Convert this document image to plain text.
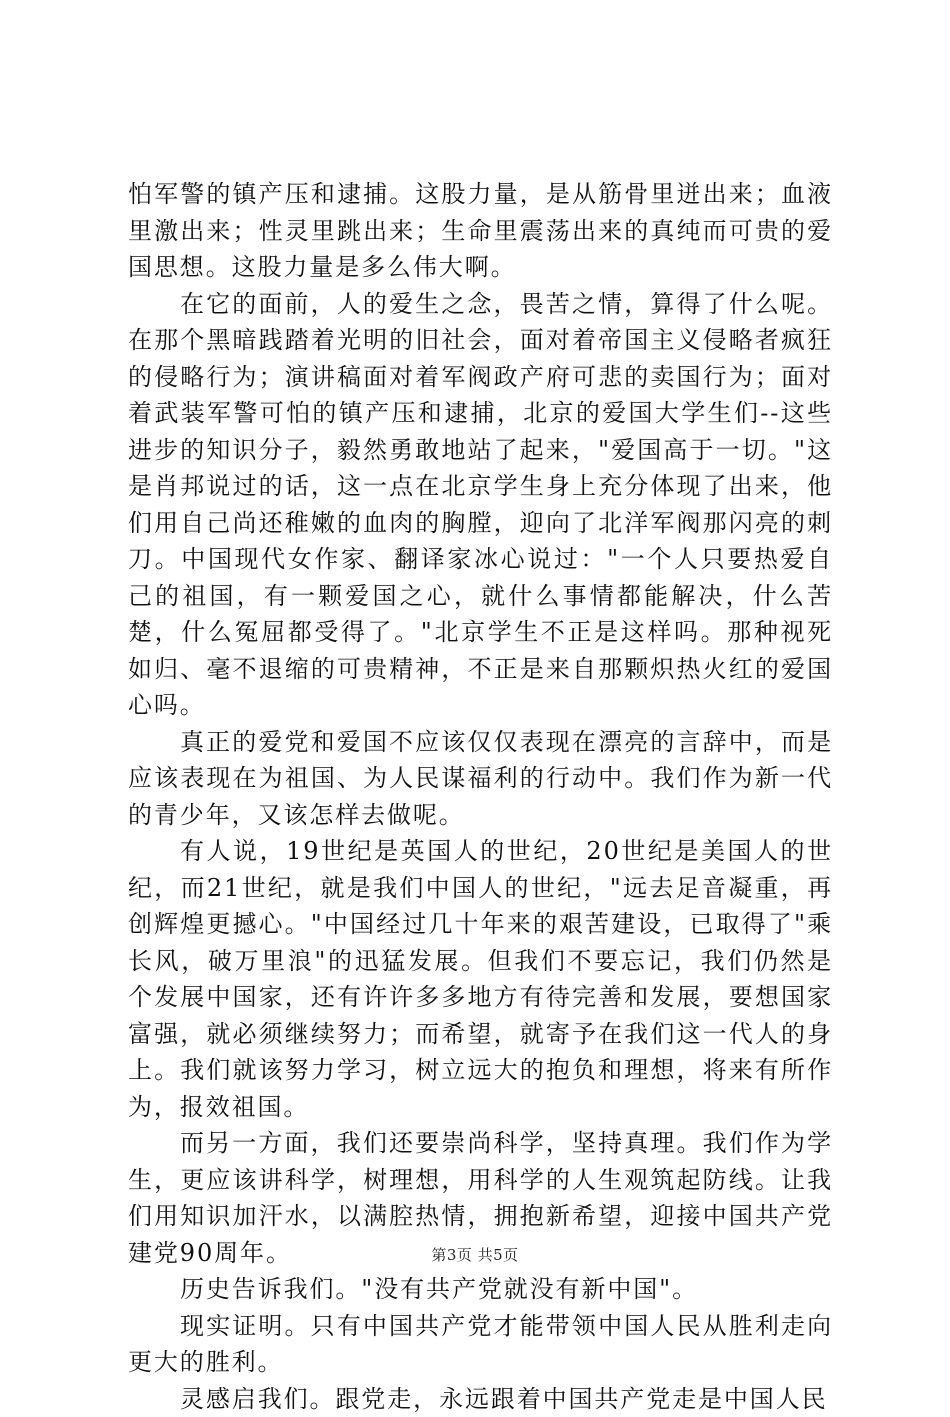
怕军警的镇产压和逮捕。这股力量，是从筋骨里迸出来；血液里激出来；性灵里跳出来；生命里震荡出来的真纯而可贵的爱国思想。这股力量是多么伟大啊。

在它的面前，人的爱生之念，畏苦之情，算得了什么呢。在那个黑暗践踏着光明的旧社会，面对着帝国主义侵略者疯狂的侵略行为；演讲稿面对着军阀政产府可悲的卖国行为；面对着武装军警可怕的镇产压和逮捕，北京的爱国大学生们--这些进步的知识分子，毅然勇敢地站了起来，"爱国高于一切。"这是肖邦说过的话，这一点在北京学生身上充分体现了出来，他们用自己尚还稚嫩的血肉的胸膛，迎向了北洋军阀那闪亮的刺刀。中国现代女作家、翻译家冰心说过："一个人只要热爱自己的祖国，有一颗爱国之心，就什么事情都能解决，什么苦楚，什么冤屈都受得了。"北京学生不正是这样吗。那种视死如归、毫不退缩的可贵精神，不正是来自那颗炽热火红的爱国心吗。

真正的爱党和爱国不应该仅仅表现在漂亮的言辞中，而是应该表现在为祖国、为人民谋福利的行动中。我们作为新一代的青少年，又该怎样去做呢。

有人说，19世纪是英国人的世纪，20世纪是美国人的世纪，而21世纪，就是我们中国人的世纪，"远去足音凝重，再创辉煌更撼心。"中国经过几十年来的艰苦建设，已取得了"乘长风，破万里浪"的迅猛发展。但我们不要忘记，我们仍然是个发展中国家，还有许许多多地方有待完善和发展，要想国家富强，就必须继续努力；而希望，就寄予在我们这一代人的身上。我们就该努力学习，树立远大的抱负和理想，将来有所作为，报效祖国。

而另一方面，我们还要崇尚科学，坚持真理。我们作为学生，更应该讲科学，树理想，用科学的人生观筑起防线。让我们用知识加汗水，以满腔热情，拥抱新希望，迎接中国共产党建党90周年。

历史告诉我们。"没有共产党就没有新中国"。

现实证明。只有中国共产党才能带领中国人民从胜利走向更大的胜利。

灵感启我们。跟党走，永远跟着中国共产党走是中国人民

第3页 共5页
